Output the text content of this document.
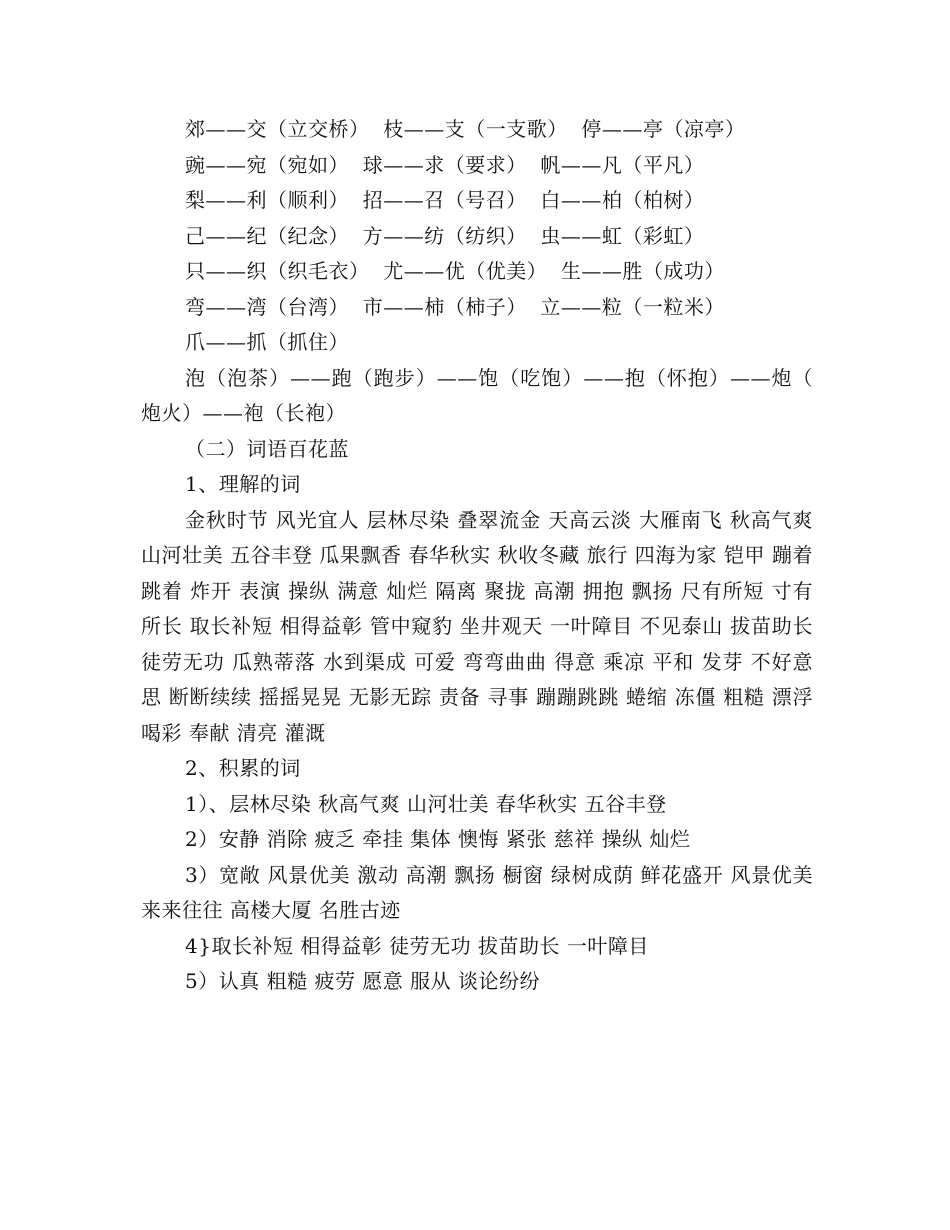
郊——交（立交桥）  枝——支（一支歌）  停——亭（凉亭）
豌——宛（宛如）  球——求（要求）  帆——凡（平凡）
梨——利（顺利）  招——召（号召）  白——柏（柏树）
己——纪（纪念）  方——纺（纺织）  虫——虹（彩虹）
只——织（织毛衣）  尤——优（优美）  生——胜（成功）
弯——湾（台湾）  市——柿（柿子）  立——粒（一粒米）
爪——抓（抓住）
泡（泡茶）——跑（跑步）——饱（吃饱）——抱（怀抱）——炮（炮火）——袍（长袍）
（二）词语百花蓝
1、理解的词
金秋时节 风光宜人 层林尽染 叠翠流金 天高云淡 大雁南飞 秋高气爽 山河壮美 五谷丰登 瓜果飘香 春华秋实 秋收冬藏 旅行 四海为家 铠甲 蹦着跳着 炸开 表演 操纵 满意 灿烂 隔离 聚拢 高潮 拥抱 飘扬 尺有所短 寸有所长 取长补短 相得益彰 管中窥豹 坐井观天 一叶障目 不见泰山 拔苗助长 徒劳无功 瓜熟蒂落 水到渠成 可爱 弯弯曲曲 得意 乘凉 平和 发芽 不好意思 断断续续 摇摇晃晃 无影无踪 责备 寻事 蹦蹦跳跳 蜷缩 冻僵 粗糙 漂浮 喝彩 奉献 清亮 灌溉
2、积累的词
1）、层林尽染 秋高气爽 山河壮美 春华秋实 五谷丰登
2）安静 消除 疲乏 牵挂 集体 懊悔 紧张 慈祥 操纵 灿烂
3）宽敞 风景优美 激动 高潮 飘扬 橱窗 绿树成荫 鲜花盛开 风景优美 来来往往 高楼大厦 名胜古迹
4}取长补短 相得益彰 徒劳无功 拔苗助长 一叶障目
5）认真 粗糙 疲劳 愿意 服从 谈论纷纷
